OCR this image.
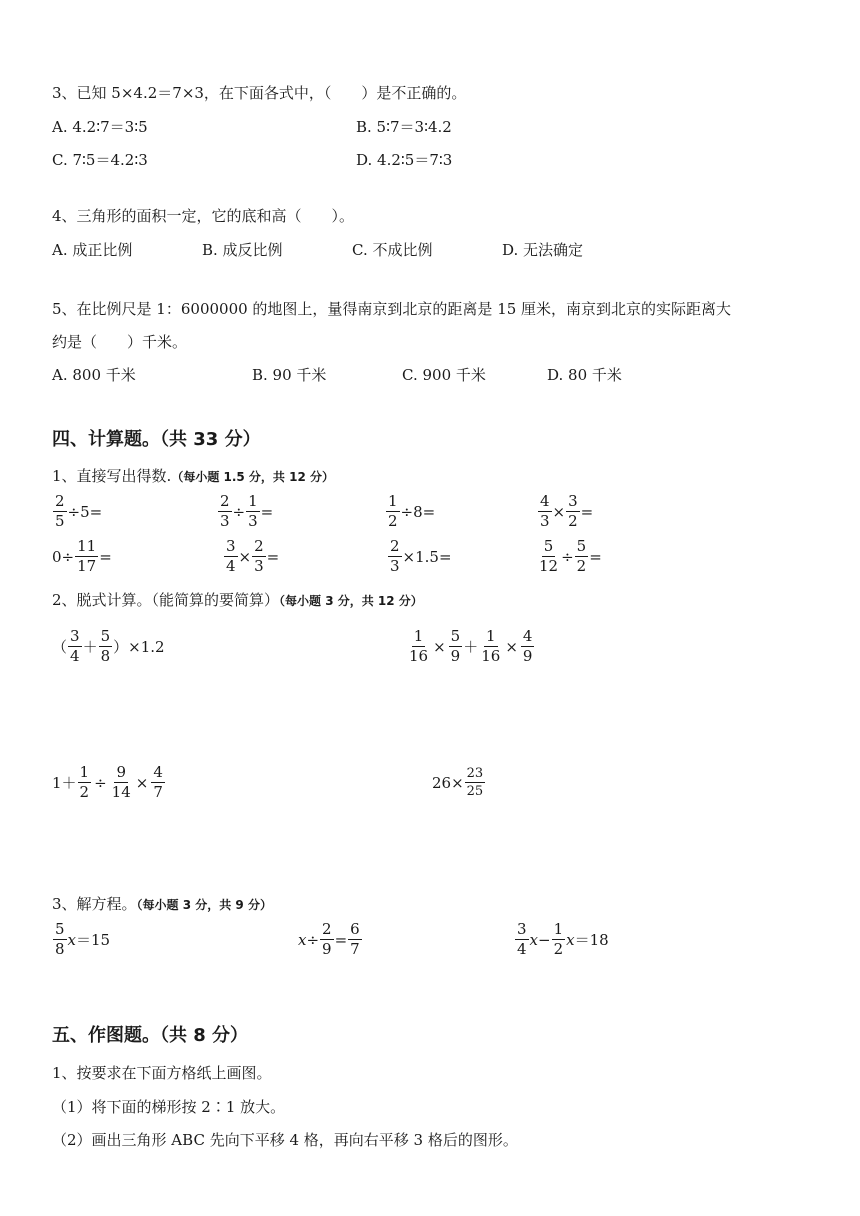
3、已知 5×4.2＝7×3，在下面各式中，（　　）是不正确的。
A. 4.2∶7＝3∶5	B. 5∶7＝3∶4.2
C. 7∶5＝4.2∶3	D. 4.2∶5＝7∶3
4、三角形的面积一定，它的底和高（　　）。
A. 成正比例	B. 成反比例	C. 不成比例	D. 无法确定
5、在比例尺是 1：6000000 的地图上，量得南京到北京的距离是 15 厘米，南京到北京的实际距离大
约是（　　）千米。
A. 800 千米	B. 90 千米	C. 900 千米	D. 80 千米
四、计算题。（共 33 分）
1、直接写出得数.（每小题 1.5 分，共 12 分）
$\frac{2}{5} \div 5=$	$\frac{2}{3} \div \frac{1}{3}$ =	$\frac{1}{2} \div 8=$	$\frac{4}{3} \times \frac{3}{2}$ =
$0\div \frac{11}{17}$ =	$\frac{3}{4} \times \frac{2}{3}$ =	$\frac{2}{3} \times 1.5=$	$\frac{5}{12} \div \frac{5}{2}$ =
2、脱式计算。（能简算的要简算）（每小题 3 分，共 12 分）
（ $\frac{3}{4} + \frac{5}{8} )\times 1.2$	$\frac{1}{16} \times \frac{5}{9} + \frac{1}{16} \times \frac{4}{9}$
$1+ \frac{1}{2} \div \frac{9}{14} \times \frac{4}{7}$	$26\times \frac{23}{25}$
3、解方程。（每小题 3 分，共 9 分）
$\frac{5}{8}$ x ＝15	$x \div \frac{2}{9} = \frac{6}{7}$	$\frac{3}{4}$ $x - \frac{1}{2}$ x ＝18
五、作图题。（共 8 分）
1、按要求在下面方格纸上画图。
（1）将下面的梯形按 2∶1 放大。
（2）画出三角形 ABC 先向下平移 4 格，再向右平移 3 格后的图形。
